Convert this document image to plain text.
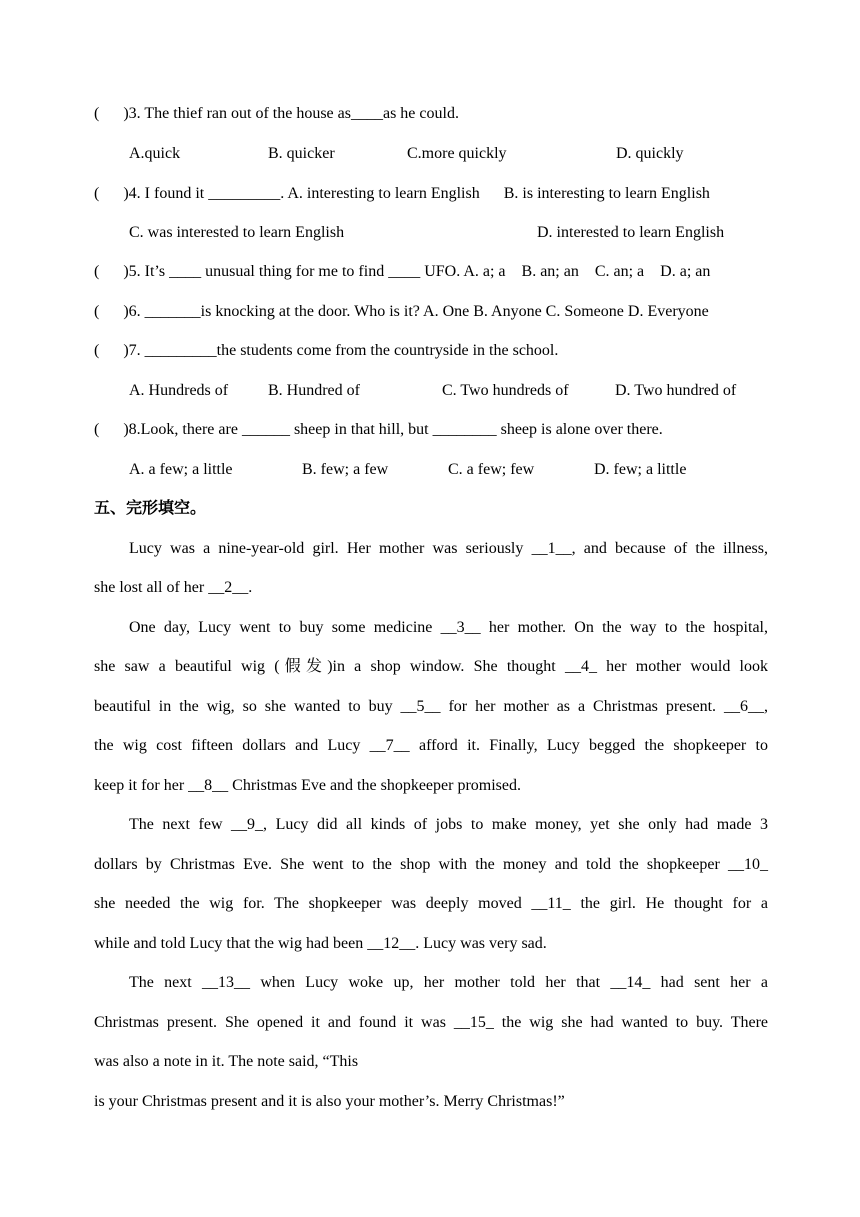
(      )3. The thief ran out of the house as____as he could.
A.quick	B. quicker	C.more quickly	D. quickly
(      )4. I found it _________. A. interesting to learn English      B. is interesting to learn English
C. was interested to learn English	D. interested to learn English
(      )5. It’s ____ unusual thing for me to find ____ UFO. A. a; a    B. an; an    C. an; a    D. a; an
(      )6. _______is knocking at the door. Who is it? A. One B. Anyone C. Someone D. Everyone
(      )7. _________the students come from the countryside in the school.
A. Hundreds of B. Hundred of	C. Two hundreds of	D. Two hundred of
(      )8.Look, there are ______ sheep in that hill, but ________ sheep is alone over there.
A. a few; a little	B. few; a few	C. a few; few	D. few; a little
五、完形填空。
Lucy was a nine-year-old girl. Her mother was seriously __1__, and because of the illness,
she lost all of her __2__.
One day, Lucy went to buy some medicine __3__ her mother. On the way to the hospital,
she saw a beautiful wig (假发)in a shop window. She thought __4_ her mother would look
beautiful in the wig, so she wanted to buy __5__ for her mother as a Christmas present. __6__,
the wig cost fifteen dollars and Lucy __7__ afford it. Finally, Lucy begged the shopkeeper to
keep it for her __8__ Christmas Eve and the shopkeeper promised.
The next few __9_, Lucy did all kinds of jobs to make money, yet she only had made 3
dollars by Christmas Eve. She went to the shop with the money and told the shopkeeper __10_
she needed the wig for. The shopkeeper was deeply moved __11_ the girl. He thought for a
while and told Lucy that the wig had been __12__. Lucy was very sad.
The next __13__ when Lucy woke up, her mother told her that __14_ had sent her a
Christmas present. She opened it and found it was __15_ the wig she had wanted to buy. There
was also a note in it. The note said, “This
is your Christmas present and it is also your mother’s. Merry Christmas!”
